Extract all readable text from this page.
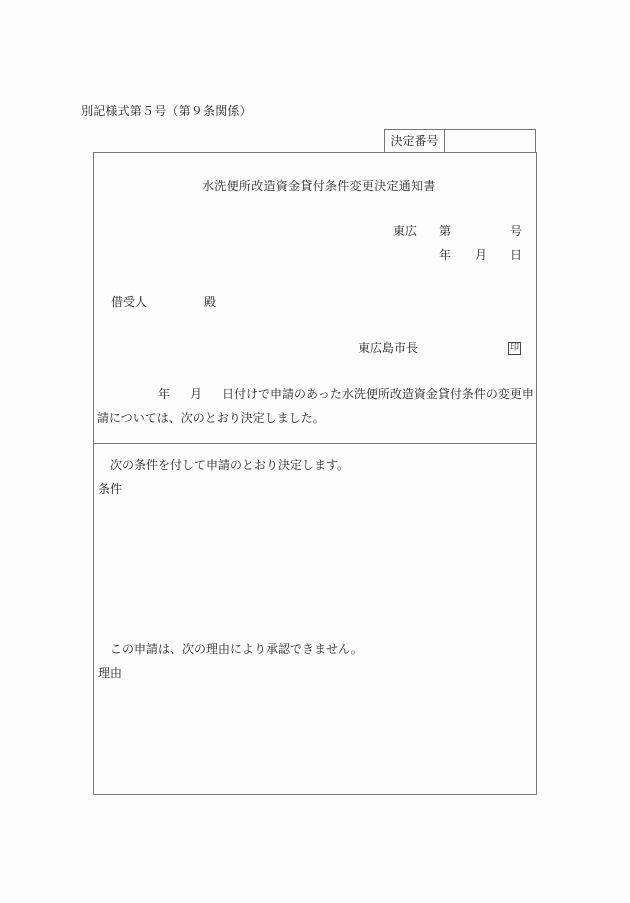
別記様式第５号（第９条関係）
決定番号
水洗便所改造資金貸付条件変更決定通知書
東広 第	号
年 月 日
借受人	殿
東広島市長	印
年 月 日付けで申請のあった水洗便所改造資金貸付条件の変更申
請については、次のとおり決定しました。
次の条件を付して申請のとおり決定します。
条件
この申請は、次の理由により承認できません。
理由
